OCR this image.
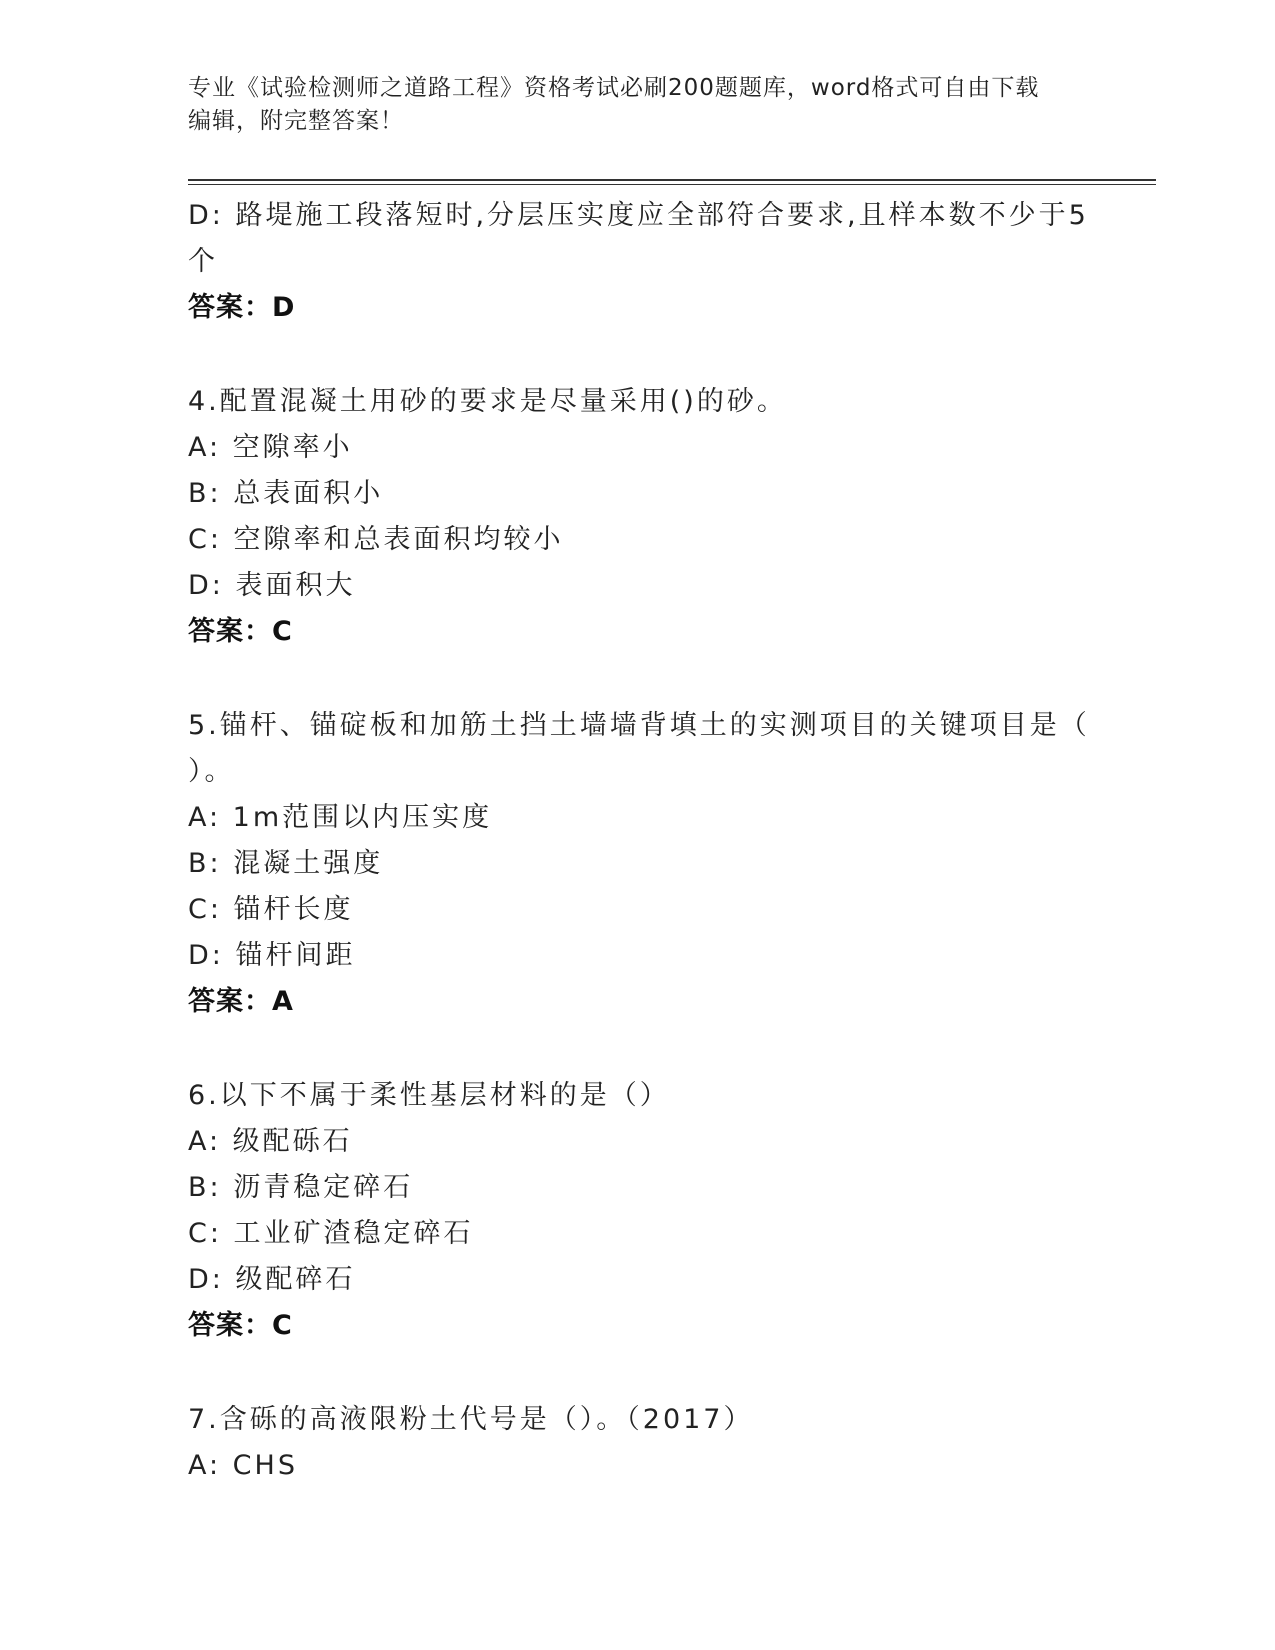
专业《试验检测师之道路工程》资格考试必刷200题题库，word格式可自由下载
编辑，附完整答案！
D: 路堤施工段落短时,分层压实度应全部符合要求,且样本数不少于5
个
答案：D
4.配置混凝土用砂的要求是尽量采用()的砂。
A: 空隙率小
B: 总表面积小
C: 空隙率和总表面积均较小
D: 表面积大
答案：C
5.锚杆、锚碇板和加筋土挡土墙墙背填土的实测项目的关键项目是（
）。
A: 1m范围以内压实度
B: 混凝土强度
C: 锚杆长度
D: 锚杆间距
答案：A
6.以下不属于柔性基层材料的是（）
A: 级配砾石
B: 沥青稳定碎石
C: 工业矿渣稳定碎石
D: 级配碎石
答案：C
7.含砾的高液限粉土代号是（）。（2017）
A: CHS
